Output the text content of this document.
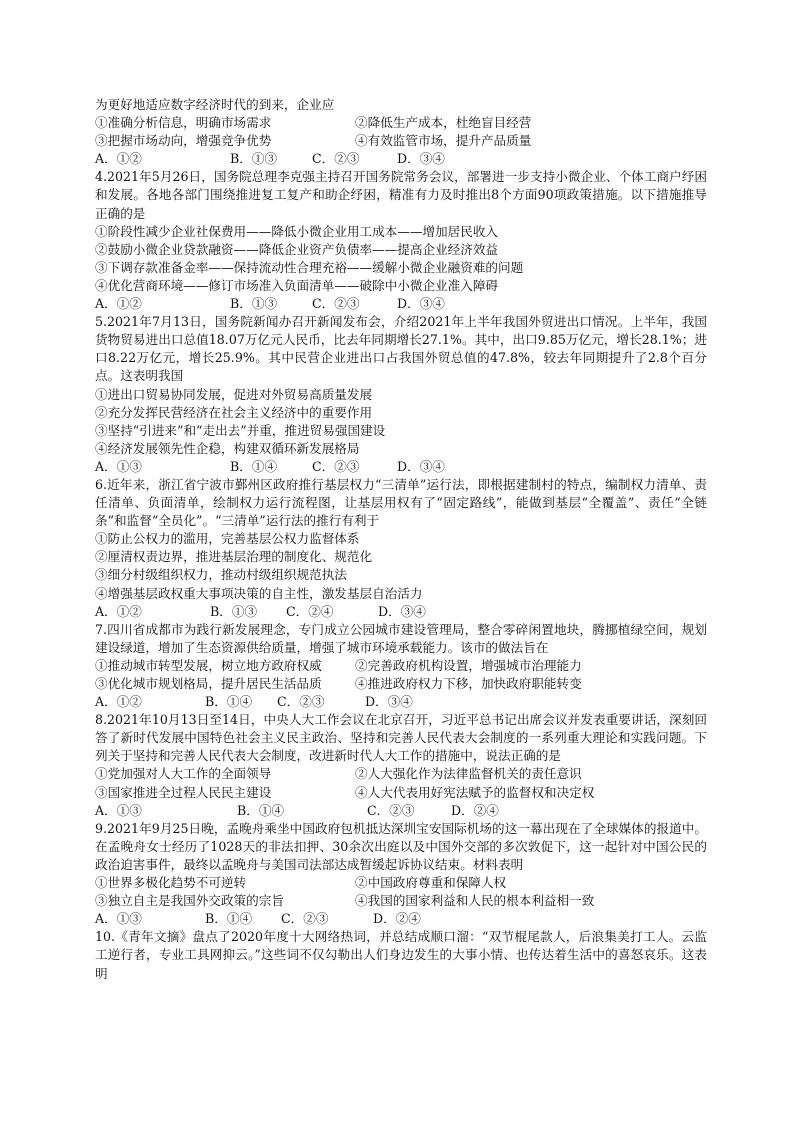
为更好地适应数字经济时代的到来，企业应
①准确分析信息，明确市场需求	②降低生产成本，杜绝盲目经营
③把握市场动向，增强竞争优势	④有效监管市场，提升产品质量
A．①②	B．①③	C．②③	D．③④
4.2021年5月26日，国务院总理李克强主持召开国务院常务会议，部署进一步支持小微企业、个体工商户纾困和发展。各地各部门围绕推进复工复产和助企纾困，精准有力及时推出8个方面90项政策措施。以下措施推导正确的是
①阶段性减少企业社保费用——降低小微企业用工成本——增加居民收入
②鼓励小微企业贷款融资——降低企业资产负债率——提高企业经济效益
③下调存款准备金率——保持流动性合理充裕——缓解小微企业融资难的问题
④优化营商环境——修订市场准入负面清单——破除中小微企业准入障碍
A．①②	B．①③	C．②③	D．③④
5.2021年7月13日，国务院新闻办召开新闻发布会，介绍2021年上半年我国外贸进出口情况。上半年，我国货物贸易进出口总值18.07万亿元人民币，比去年同期增长27.1%。其中，出口9.85万亿元，增长28.1%；进口8.22万亿元，增长25.9%。其中民营企业进出口占我国外贸总值的47.8%，较去年同期提升了2.8个百分点。这表明我国
①进出口贸易协同发展，促进对外贸易高质量发展
②充分发挥民营经济在社会主义经济中的重要作用
③坚持“引进来”和“走出去”并重，推进贸易强国建设
④经济发展领先性企稳，构建双循环新发展格局
A．①③	B．①④	C．②③	D．③④
6.近年来，浙江省宁波市鄞州区政府推行基层权力“三清单”运行法，即根据建制村的特点，编制权力清单、责任清单、负面清单，绘制权力运行流程图，让基层用权有了“固定路线”，能做到基层“全覆盖”、责任“全链条”和监督“全员化”。“三清单”运行法的推行有利于
①防止公权力的滥用，完善基层公权力监督体系
②厘清权责边界，推进基层治理的制度化、规范化
③细分村级组织权力，推动村级组织规范执法
④增强基层政权重大事项决策的自主性，激发基层自治活力
A．①②	B．①③	C．②④	D．③④
7.四川省成都市为践行新发展理念，专门成立公园城市建设管理局，整合零碎闲置地块，腾挪植绿空间，规划建设绿道，增加了生态资源供给质量，增强了城市环境承载能力。该市的做法旨在
①推动城市转型发展，树立地方政府权威	②完善政府机构设置，增强城市治理能力
③优化城市规划格局，提升居民生活品质	④推进政府权力下移，加快政府职能转变
A．①②	B．①④	C．②③	D．③④
8.2021年10月13日至14日，中央人大工作会议在北京召开，习近平总书记出席会议并发表重要讲话，深刻回答了新时代发展中国特色社会主义民主政治、坚持和完善人民代表大会制度的一系列重大理论和实践问题。下列关于坚持和完善人民代表大会制度，改进新时代人大工作的措施中，说法正确的是
①党加强对人大工作的全面领导	②人大强化作为法律监督机关的责任意识
③国家推进全过程人民民主建设	④人大代表用好宪法赋予的监督权和决定权
A．①③	B．①④	C．②③	D．②④
9.2021年9月25日晚，孟晚舟乘坐中国政府包机抵达深圳宝安国际机场的这一幕出现在了全球媒体的报道中。在孟晚舟女士经历了1028天的非法扣押、30余次出庭以及中国外交部的多次敦促下，这一起针对中国公民的政治迫害事件，最终以孟晚舟与美国司法部达成暂缓起诉协议结束。材料表明
①世界多极化趋势不可逆转	②中国政府尊重和保障人权
③独立自主是我国外交政策的宗旨	④我国的国家利益和人民的根本利益相一致
A．①③	B．①④	C．②③	D．②④
10.《青年文摘》盘点了2020年度十大网络热词，并总结成顺口溜：“双节棍尾款人，后浪集美打工人。云监工逆行者，专业工具网抑云。”这些词不仅勾勒出人们身边发生的大事小情、也传达着生活中的喜怒哀乐。这表明
